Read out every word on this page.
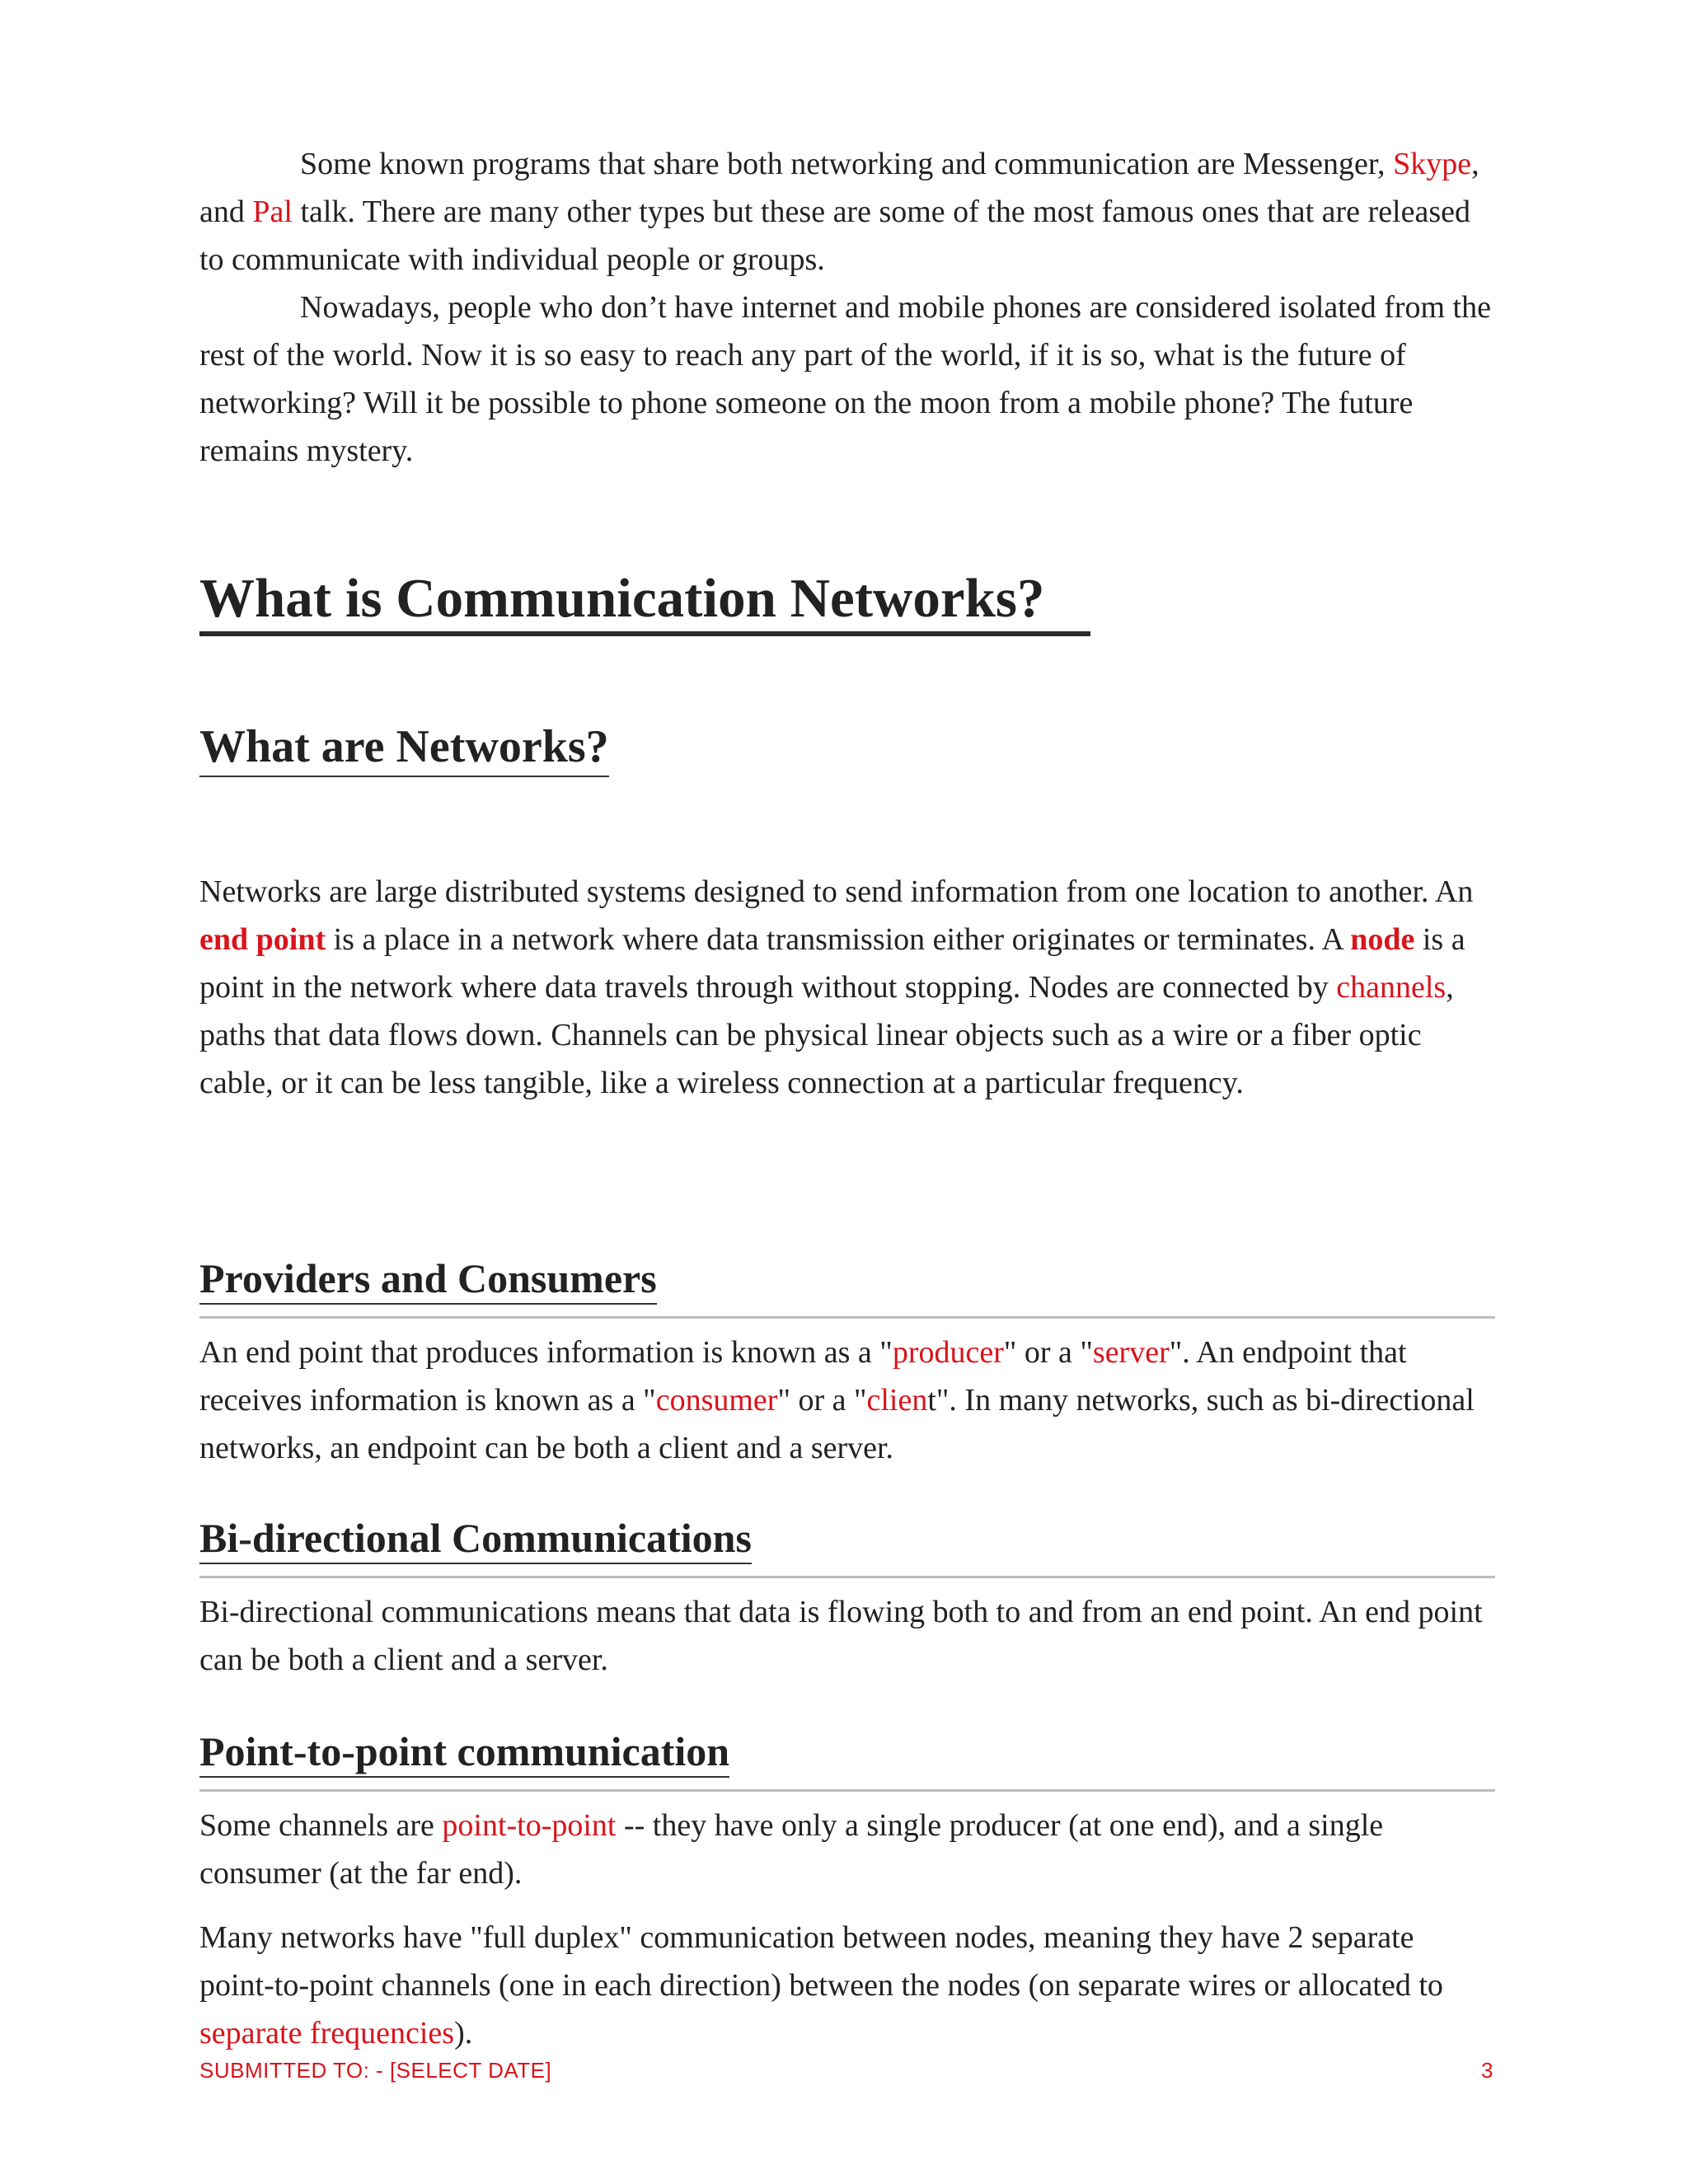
Some known programs that share both networking and communication are Messenger, Skype, and Pal talk. There are many other types but these are some of the most famous ones that are released to communicate with individual people or groups.

Nowadays, people who don’t have internet and mobile phones are considered isolated from the rest of the world. Now it is so easy to reach any part of the world, if it is so, what is the future of networking? Will it be possible to phone someone on the moon from a mobile phone? The future remains mystery.

What is Communication Networks?
What are Networks?

Networks are large distributed systems designed to send information from one location to another. An end point is a place in a network where data transmission either originates or terminates. A node is a point in the network where data travels through without stopping. Nodes are connected by channels, paths that data flows down. Channels can be physical linear objects such as a wire or a fiber optic cable, or it can be less tangible, like a wireless connection at a particular frequency.

Providers and Consumers

An end point that produces information is known as a "producer" or a "server". An endpoint that receives information is known as a "consumer" or a "client". In many networks, such as bi-directional networks, an endpoint can be both a client and a server.

Bi-directional Communications

Bi-directional communications means that data is flowing both to and from an end point. An end point can be both a client and a server.

Point-to-point communication

Some channels are point-to-point -- they have only a single producer (at one end), and a single consumer (at the far end).

Many networks have "full duplex" communication between nodes, meaning they have 2 separate point-to-point channels (one in each direction) between the nodes (on separate wires or allocated to separate frequencies).

SUBMITTED TO: - [SELECT DATE]	3
